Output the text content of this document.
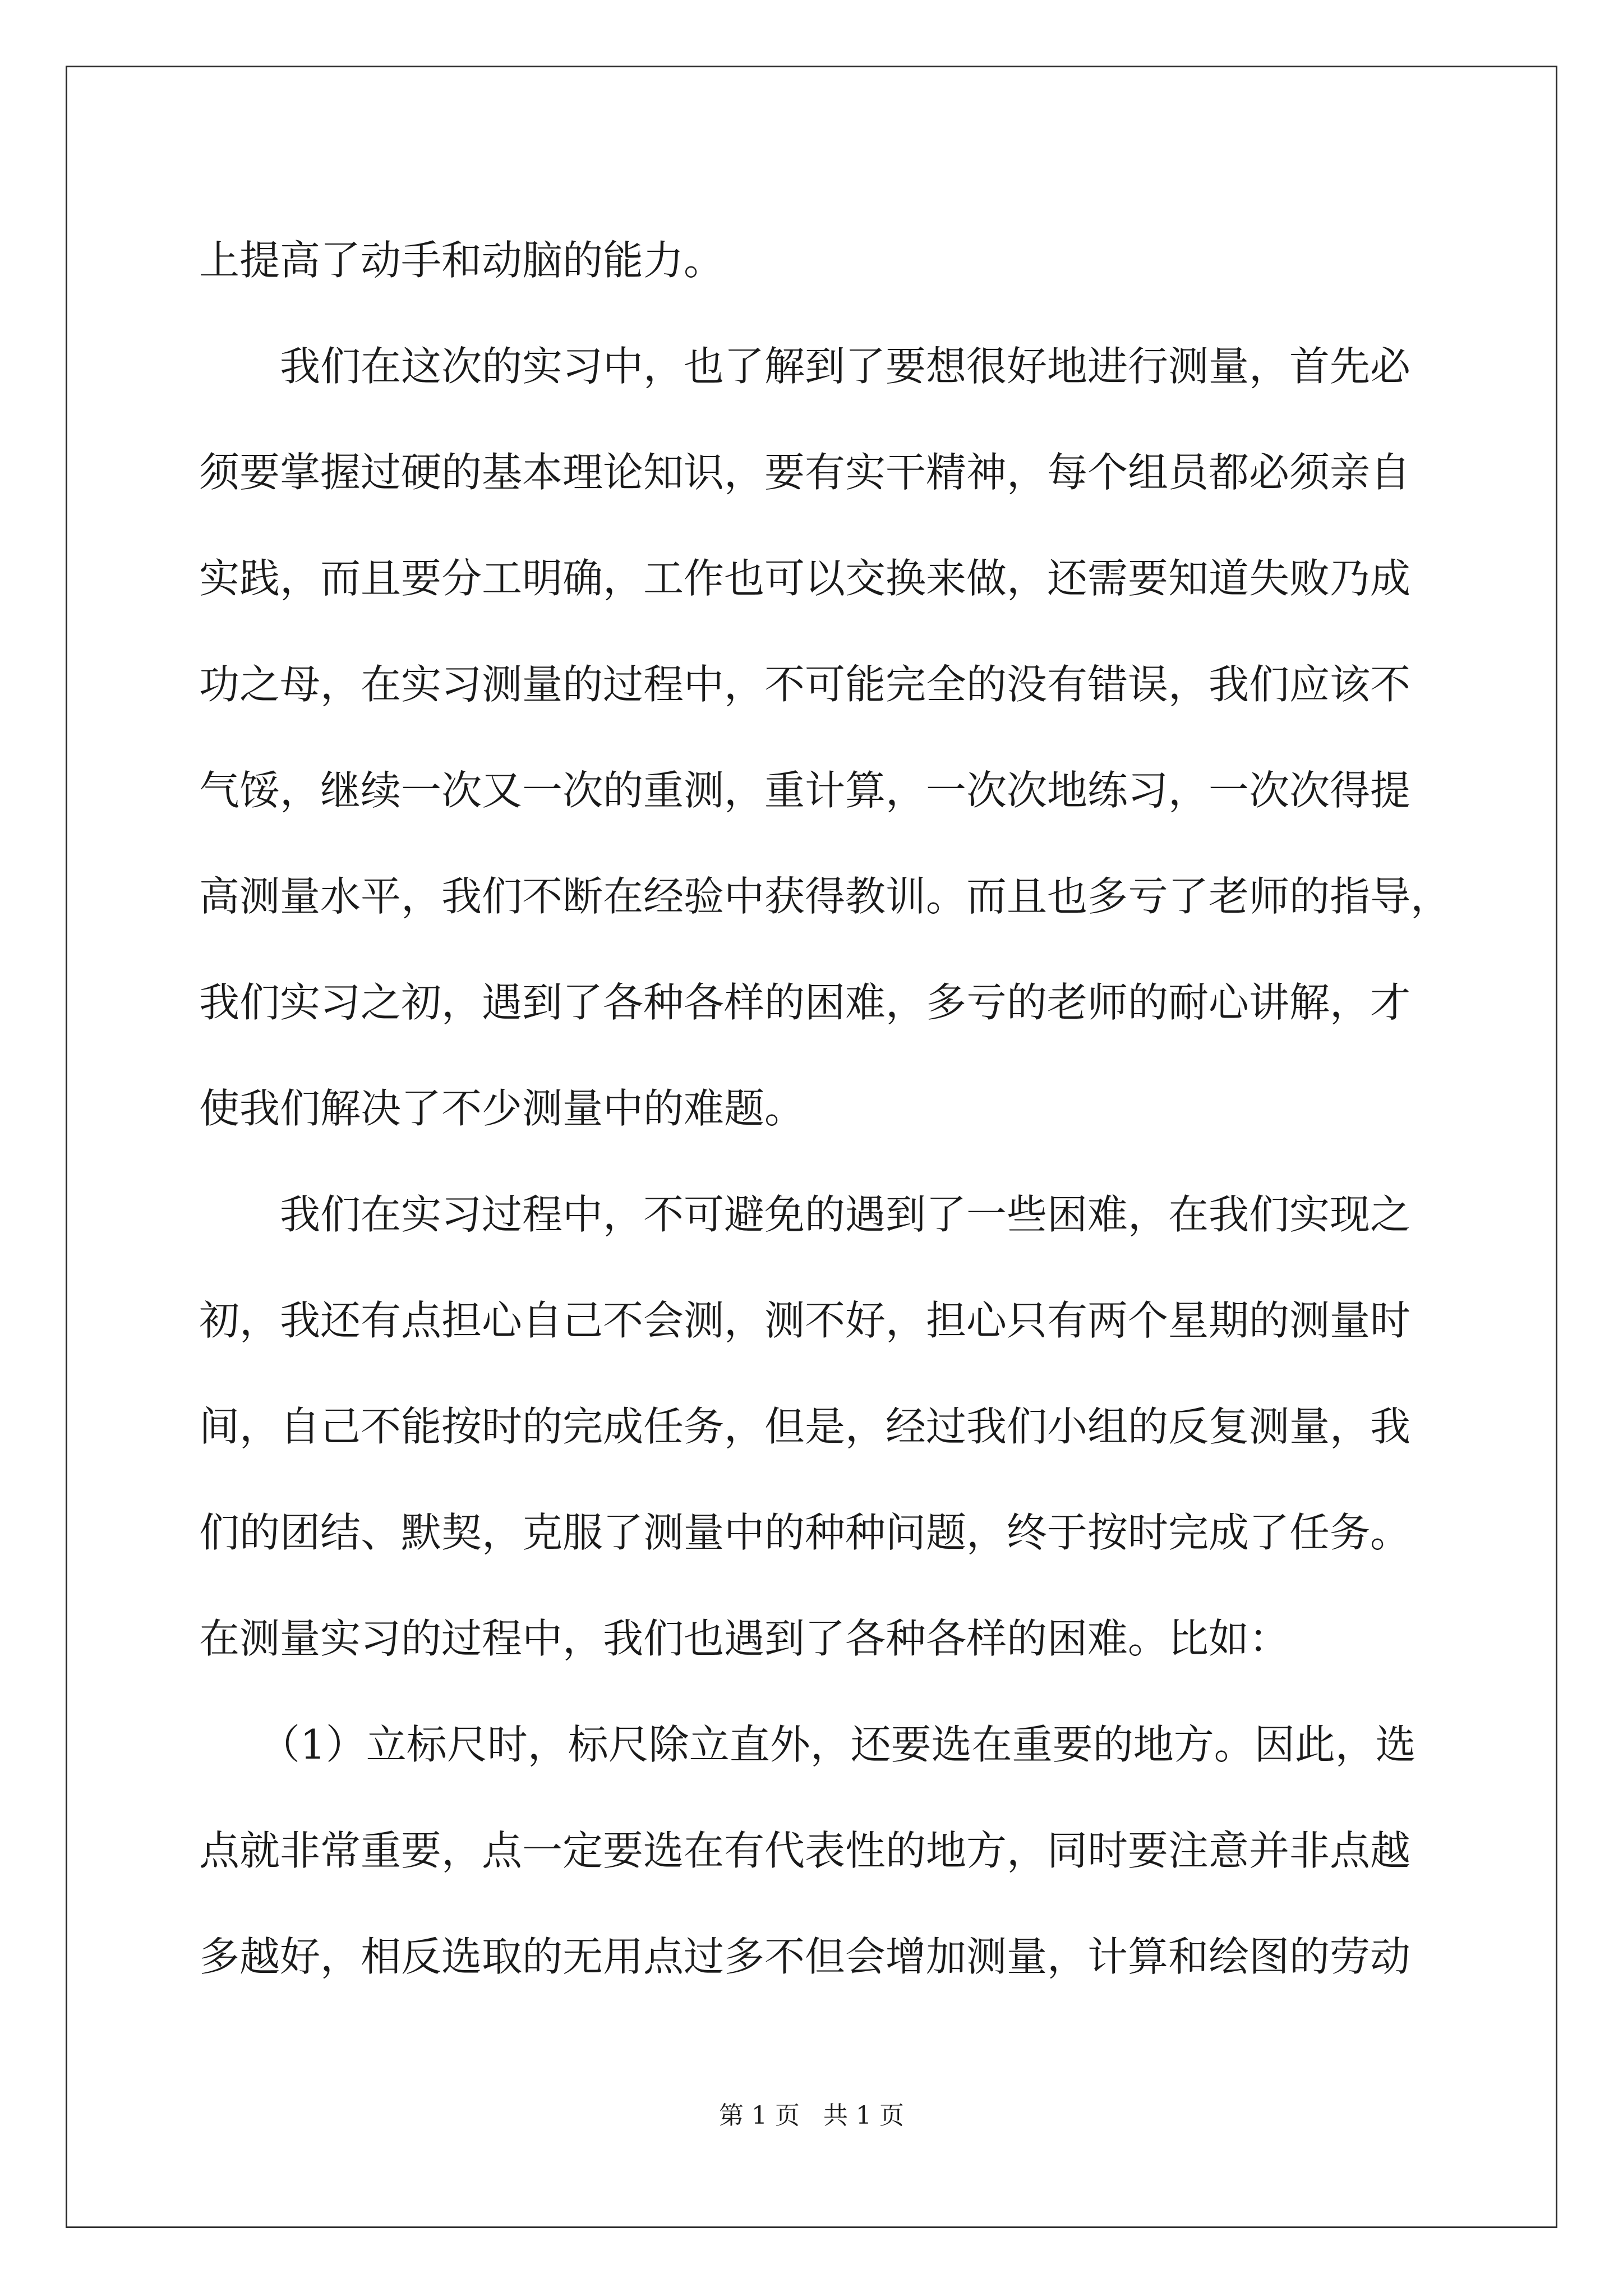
上提高了动手和动脑的能力。
我们在这次的实习中，也了解到了要想很好地进行测量，首先必
须要掌握过硬的基本理论知识，要有实干精神，每个组员都必须亲自
实践，而且要分工明确，工作也可以交换来做，还需要知道失败乃成
功之母，在实习测量的过程中，不可能完全的没有错误，我们应该不
气馁，继续一次又一次的重测，重计算，一次次地练习，一次次得提
高测量水平，我们不断在经验中获得教训。而且也多亏了老师的指导，
我们实习之初，遇到了各种各样的困难，多亏的老师的耐心讲解，才
使我们解决了不少测量中的难题。
我们在实习过程中，不可避免的遇到了一些困难，在我们实现之
初，我还有点担心自己不会测，测不好，担心只有两个星期的测量时
间，自己不能按时的完成任务，但是，经过我们小组的反复测量，我
们的团结、默契，克服了测量中的种种问题，终于按时完成了任务。
在测量实习的过程中，我们也遇到了各种各样的困难。比如：
（1）立标尺时，标尺除立直外，还要选在重要的地方。因此，选
点就非常重要，点一定要选在有代表性的地方，同时要注意并非点越
多越好，相反选取的无用点过多不但会增加测量，计算和绘图的劳动
第 1 页   共 1 页
